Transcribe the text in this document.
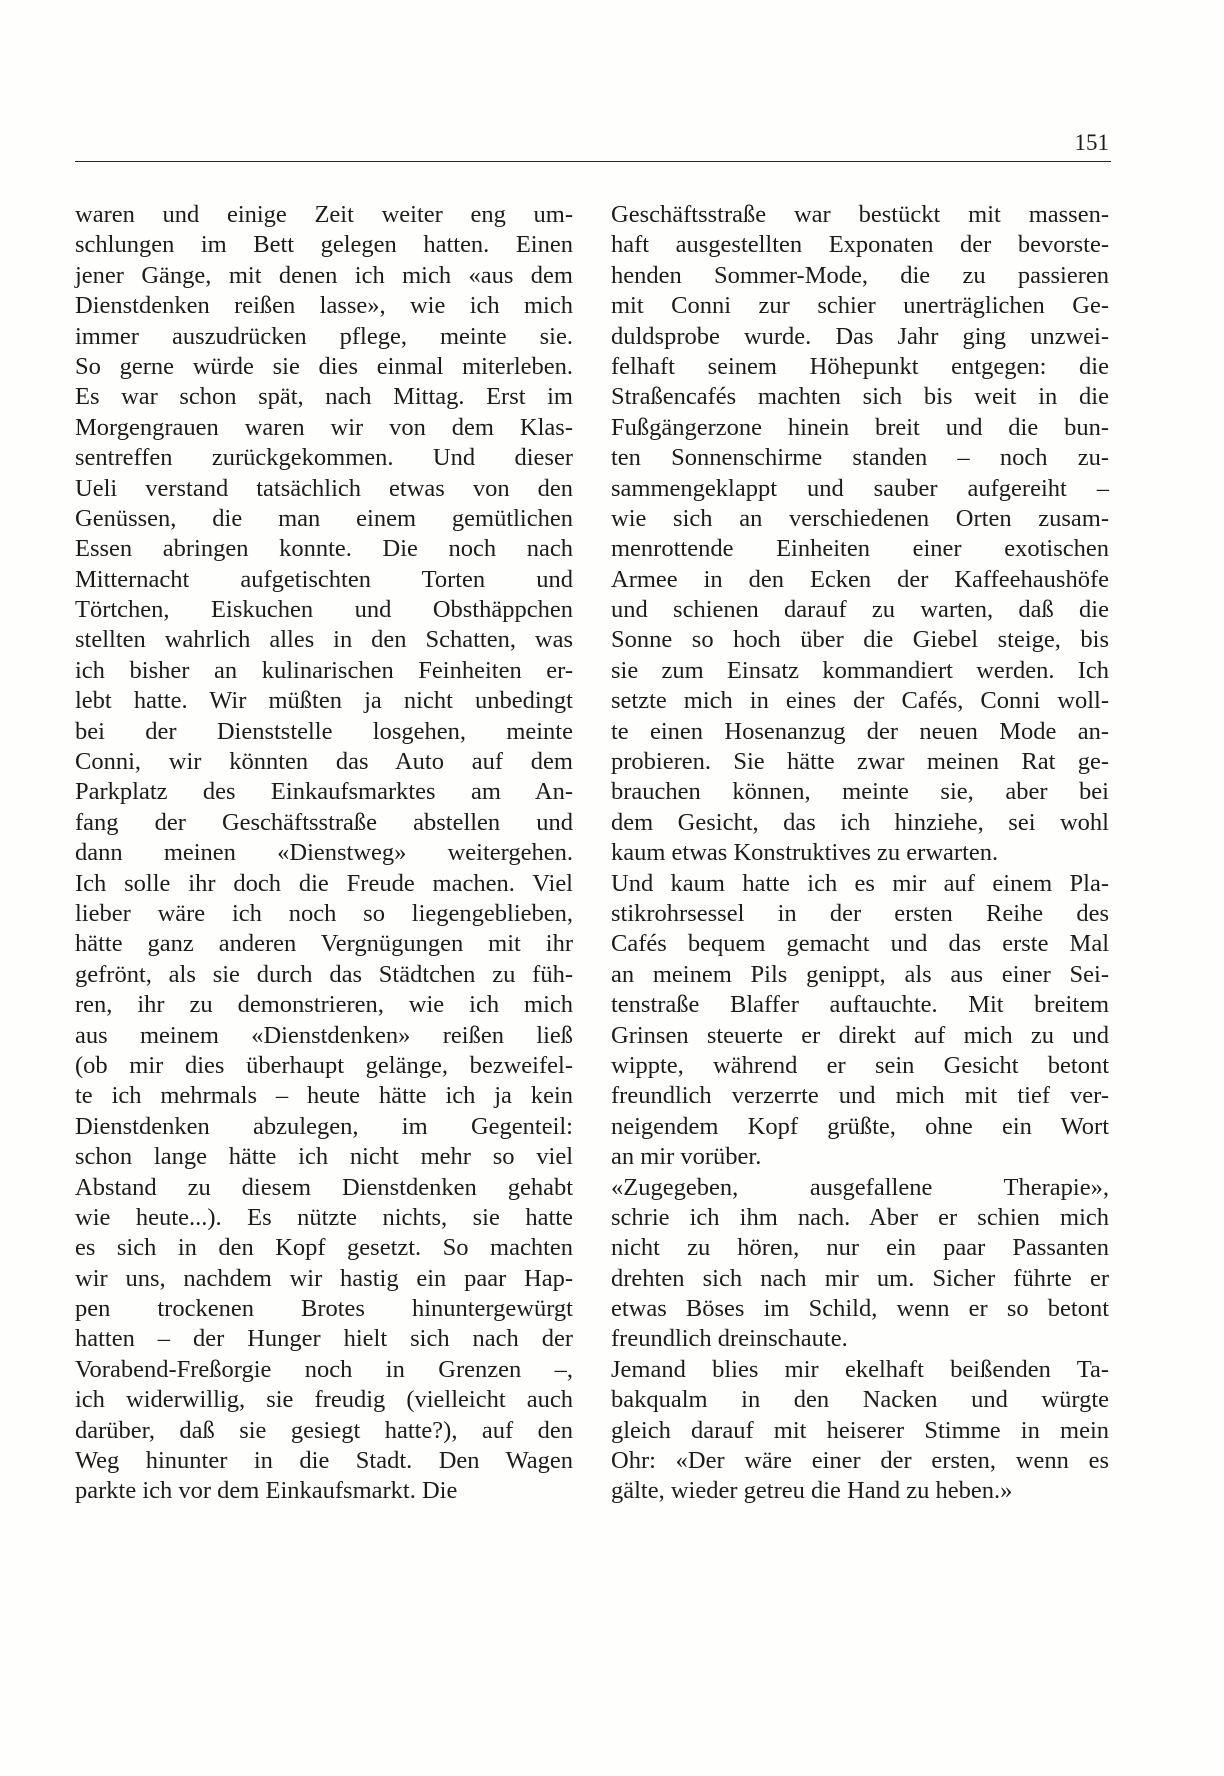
151
waren und einige Zeit weiter eng um-
schlungen im Bett gelegen hatten. Einen
jener Gänge, mit denen ich mich «aus dem
Dienstdenken reißen lasse», wie ich mich
immer auszudrücken pflege, meinte sie.
So gerne würde sie dies einmal miterleben.
Es war schon spät, nach Mittag. Erst im
Morgengrauen waren wir von dem Klas-
sentreffen zurückgekommen. Und dieser
Ueli verstand tatsächlich etwas von den
Genüssen, die man einem gemütlichen
Essen abringen konnte. Die noch nach
Mitternacht aufgetischten Torten und
Törtchen, Eiskuchen und Obsthäppchen
stellten wahrlich alles in den Schatten, was
ich bisher an kulinarischen Feinheiten er-
lebt hatte. Wir müßten ja nicht unbedingt
bei der Dienststelle losgehen, meinte
Conni, wir könnten das Auto auf dem
Parkplatz des Einkaufsmarktes am An-
fang der Geschäftsstraße abstellen und
dann meinen «Dienstweg» weitergehen.
Ich solle ihr doch die Freude machen. Viel
lieber wäre ich noch so liegengeblieben,
hätte ganz anderen Vergnügungen mit ihr
gefrönt, als sie durch das Städtchen zu füh-
ren, ihr zu demonstrieren, wie ich mich
aus meinem «Dienstdenken» reißen ließ
(ob mir dies überhaupt gelänge, bezweifel-
te ich mehrmals – heute hätte ich ja kein
Dienstdenken abzulegen, im Gegenteil:
schon lange hätte ich nicht mehr so viel
Abstand zu diesem Dienstdenken gehabt
wie heute...). Es nützte nichts, sie hatte
es sich in den Kopf gesetzt. So machten
wir uns, nachdem wir hastig ein paar Hap-
pen trockenen Brotes hinuntergewürgt
hatten – der Hunger hielt sich nach der
Vorabend-Freßorgie noch in Grenzen –,
ich widerwillig, sie freudig (vielleicht auch
darüber, daß sie gesiegt hatte?), auf den
Weg hinunter in die Stadt. Den Wagen
parkte ich vor dem Einkaufsmarkt. Die
Geschäftsstraße war bestückt mit massen-
haft ausgestellten Exponaten der bevorste-
henden Sommer-Mode, die zu passieren
mit Conni zur schier unerträglichen Ge-
duldsprobe wurde. Das Jahr ging unzwei-
felhaft seinem Höhepunkt entgegen: die
Straßencafés machten sich bis weit in die
Fußgängerzone hinein breit und die bun-
ten Sonnenschirme standen – noch zu-
sammengeklappt und sauber aufgereiht –
wie sich an verschiedenen Orten zusam-
menrottende Einheiten einer exotischen
Armee in den Ecken der Kaffeehaushöfe
und schienen darauf zu warten, daß die
Sonne so hoch über die Giebel steige, bis
sie zum Einsatz kommandiert werden. Ich
setzte mich in eines der Cafés, Conni woll-
te einen Hosenanzug der neuen Mode an-
probieren. Sie hätte zwar meinen Rat ge-
brauchen können, meinte sie, aber bei
dem Gesicht, das ich hinziehe, sei wohl
kaum etwas Konstruktives zu erwarten.
Und kaum hatte ich es mir auf einem Pla-
stikrohrsessel in der ersten Reihe des
Cafés bequem gemacht und das erste Mal
an meinem Pils genippt, als aus einer Sei-
tenstraße Blaffer auftauchte. Mit breitem
Grinsen steuerte er direkt auf mich zu und
wippte, während er sein Gesicht betont
freundlich verzerrte und mich mit tief ver-
neigendem Kopf grüßte, ohne ein Wort
an mir vorüber.
«Zugegeben, ausgefallene Therapie»,
schrie ich ihm nach. Aber er schien mich
nicht zu hören, nur ein paar Passanten
drehten sich nach mir um. Sicher führte er
etwas Böses im Schild, wenn er so betont
freundlich dreinschaute.
Jemand blies mir ekelhaft beißenden Ta-
bakqualm in den Nacken und würgte
gleich darauf mit heiserer Stimme in mein
Ohr: «Der wäre einer der ersten, wenn es
gälte, wieder getreu die Hand zu heben.»
